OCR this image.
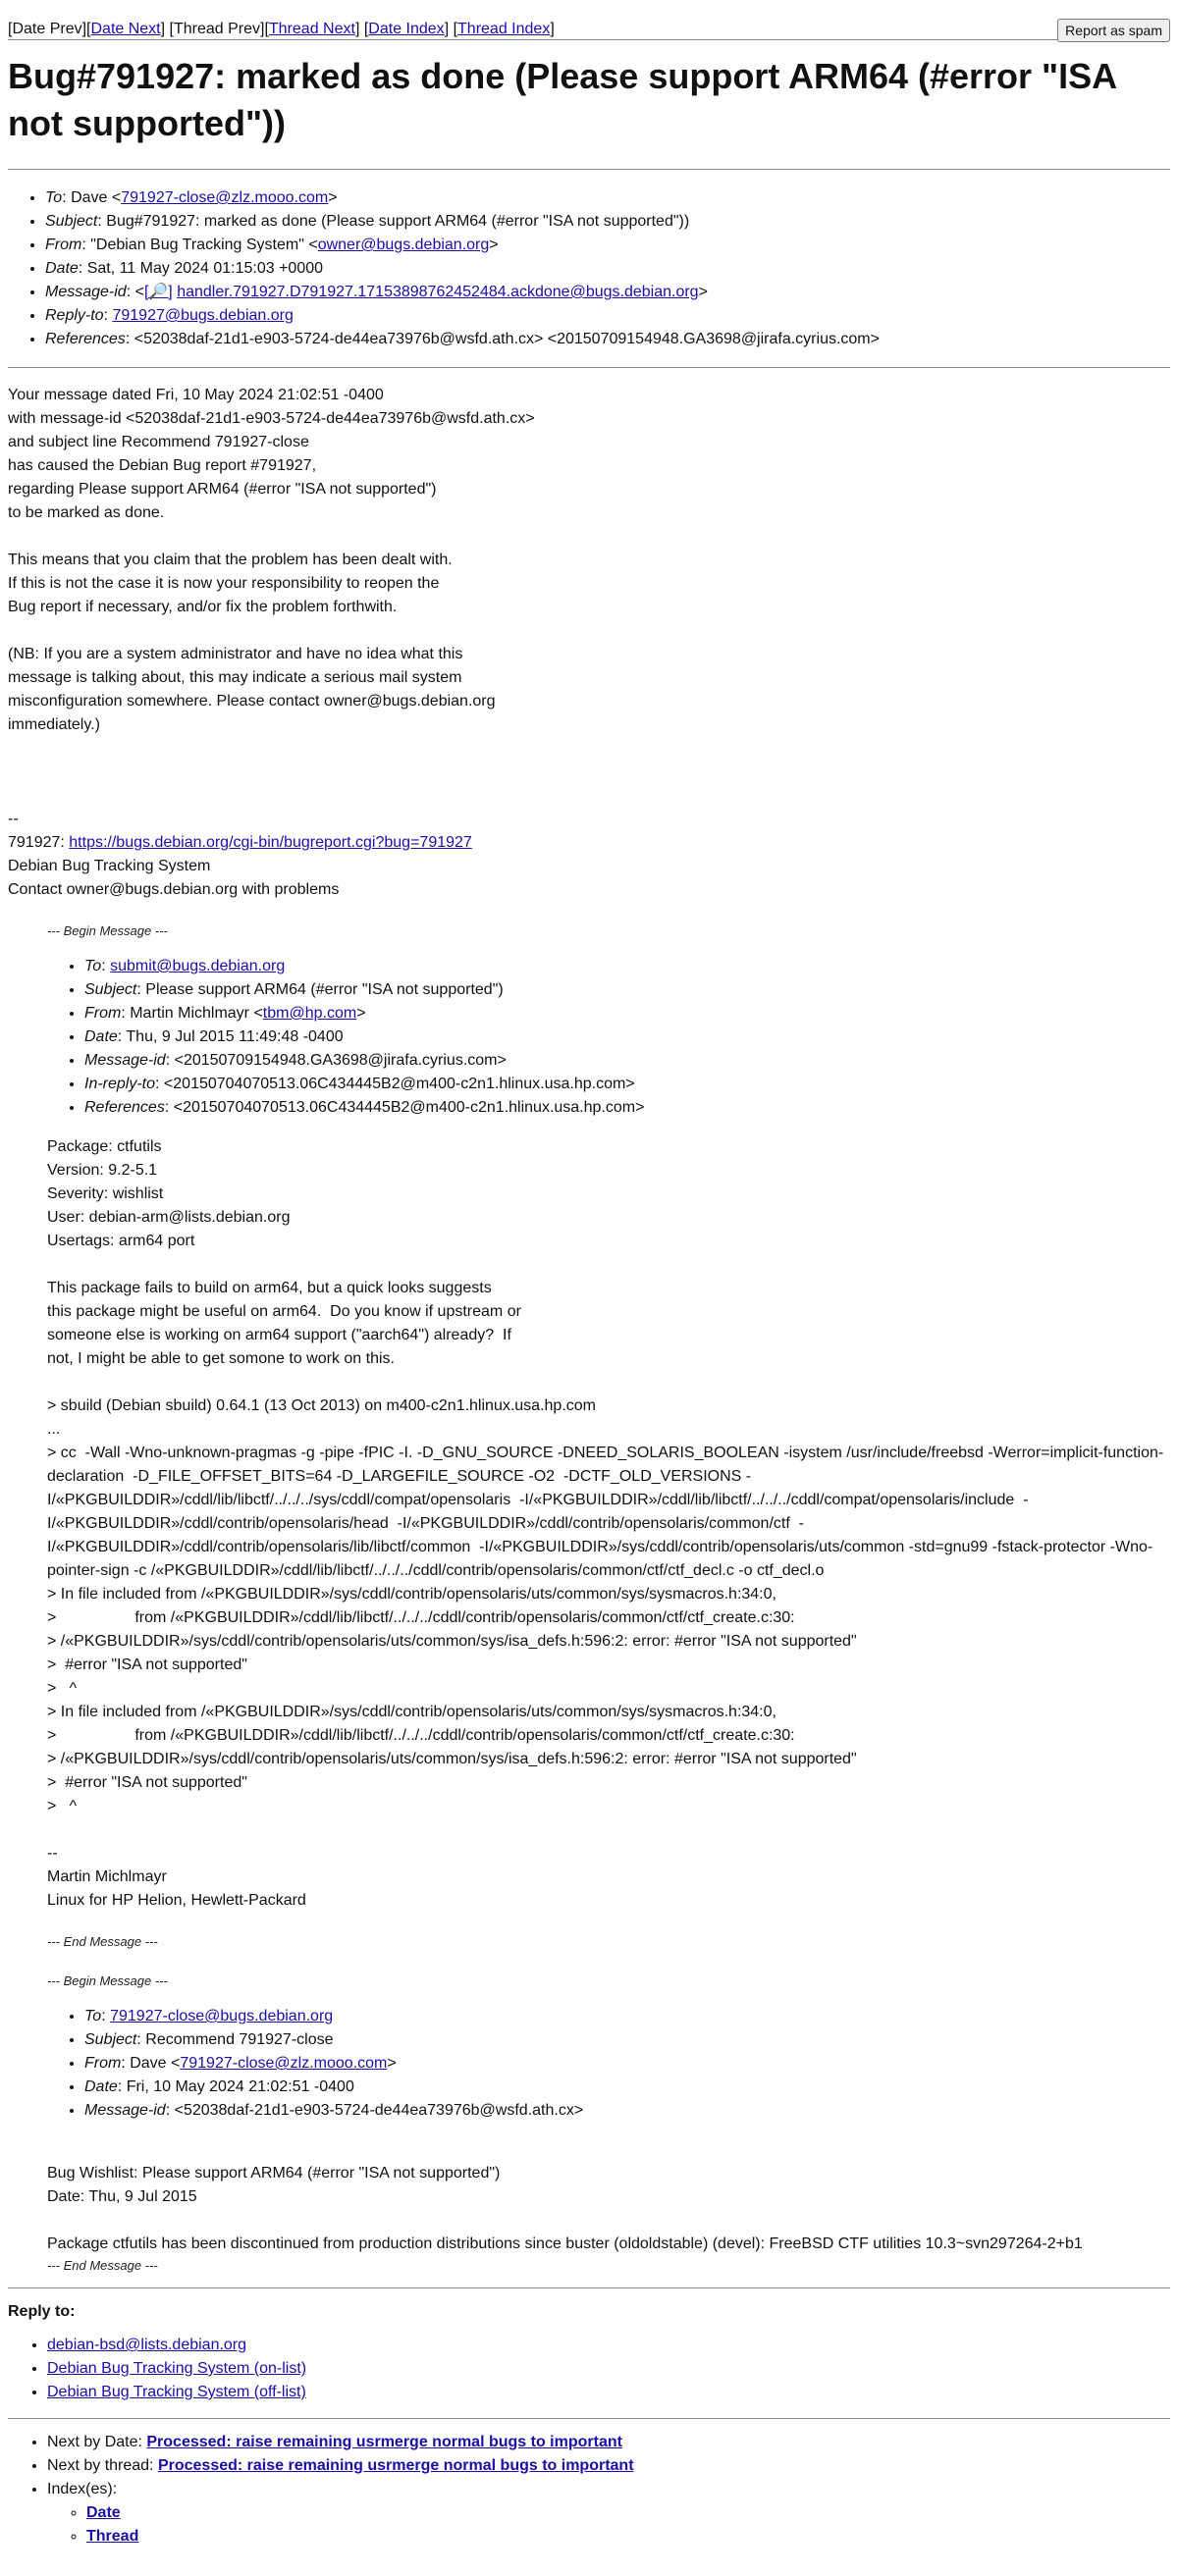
[Date Prev][Date Next] [Thread Prev][Thread Next] [Date Index] [Thread Index]	Report as spam
Bug#791927: marked as done (Please support ARM64 (#error "ISA not supported"))
• To: Dave <791927-close@zlz.mooo.com>
• Subject: Bug#791927: marked as done (Please support ARM64 (#error "ISA not supported"))
• From: "Debian Bug Tracking System" <owner@bugs.debian.org>
• Date: Sat, 11 May 2024 01:15:03 +0000
• Message-id: <[🔎] handler.791927.D791927.17153898762452484.ackdone@bugs.debian.org>
• Reply-to: 791927@bugs.debian.org
• References: <52038daf-21d1-e903-5724-de44ea73976b@wsfd.ath.cx> <20150709154948.GA3698@jirafa.cyrius.com>
Your message dated Fri, 10 May 2024 21:02:51 -0400
with message-id <52038daf-21d1-e903-5724-de44ea73976b@wsfd.ath.cx>
and subject line Recommend 791927-close
has caused the Debian Bug report #791927,
regarding Please support ARM64 (#error "ISA not supported")
to be marked as done.
This means that you claim that the problem has been dealt with.
If this is not the case it is now your responsibility to reopen the
Bug report if necessary, and/or fix the problem forthwith.
(NB: If you are a system administrator and have no idea what this
message is talking about, this may indicate a serious mail system
misconfiguration somewhere. Please contact owner@bugs.debian.org
immediately.)
--
791927: https://bugs.debian.org/cgi-bin/bugreport.cgi?bug=791927
Debian Bug Tracking System
Contact owner@bugs.debian.org with problems
--- Begin Message ---
• To: submit@bugs.debian.org
• Subject: Please support ARM64 (#error "ISA not supported")
• From: Martin Michlmayr <tbm@hp.com>
• Date: Thu, 9 Jul 2015 11:49:48 -0400
• Message-id: <20150709154948.GA3698@jirafa.cyrius.com>
• In-reply-to: <20150704070513.06C434445B2@m400-c2n1.hlinux.usa.hp.com>
• References: <20150704070513.06C434445B2@m400-c2n1.hlinux.usa.hp.com>
Package: ctfutils
Version: 9.2-5.1
Severity: wishlist
User: debian-arm@lists.debian.org
Usertags: arm64 port

This package fails to build on arm64, but a quick looks suggests
this package might be useful on arm64.  Do you know if upstream or
someone else is working on arm64 support ("aarch64") already?  If
not, I might be able to get somone to work on this.

> sbuild (Debian sbuild) 0.64.1 (13 Oct 2013) on m400-c2n1.hlinux.usa.hp.com
...
> cc  -Wall -Wno-unknown-pragmas -g -pipe -fPIC -I. -D_GNU_SOURCE -DNEED_SOLARIS_BOOLEAN -isystem /usr/include/freebsd -Werror=implicit-function-declaration  -D_FILE_OFFSET_BITS=64 -D_LARGEFILE_SOURCE -O2  -DCTF_OLD_VERSIONS -I/«PKGBUILDDIR»/cddl/lib/libctf/../../../sys/cddl/compat/opensolaris  -I/«PKGBUILDDIR»/cddl/lib/libctf/../../../cddl/compat/opensolaris/include  -I/«PKGBUILDDIR»/cddl/contrib/opensolaris/head  -I/«PKGBUILDDIR»/cddl/contrib/opensolaris/common/ctf  -I/«PKGBUILDDIR»/cddl/contrib/opensolaris/lib/libctf/common  -I/«PKGBUILDDIR»/sys/cddl/contrib/opensolaris/uts/common -std=gnu99 -fstack-protector -Wno-pointer-sign -c /«PKGBUILDDIR»/cddl/lib/libctf/../../../cddl/contrib/opensolaris/common/ctf/ctf_decl.c -o ctf_decl.o
> In file included from /«PKGBUILDDIR»/sys/cddl/contrib/opensolaris/uts/common/sys/sysmacros.h:34:0,
>                  from /«PKGBUILDDIR»/cddl/lib/libctf/../../../cddl/contrib/opensolaris/common/ctf/ctf_create.c:30:
> /«PKGBUILDDIR»/sys/cddl/contrib/opensolaris/uts/common/sys/isa_defs.h:596:2: error: #error "ISA not supported"
>  #error "ISA not supported"
>   ^
> In file included from /«PKGBUILDDIR»/sys/cddl/contrib/opensolaris/uts/common/sys/sysmacros.h:34:0,
>                  from /«PKGBUILDDIR»/cddl/lib/libctf/../../../cddl/contrib/opensolaris/common/ctf/ctf_create.c:30:
> /«PKGBUILDDIR»/sys/cddl/contrib/opensolaris/uts/common/sys/isa_defs.h:596:2: error: #error "ISA not supported"
>  #error "ISA not supported"
>   ^

--
Martin Michlmayr
Linux for HP Helion, Hewlett-Packard

--- End Message ---
--- Begin Message ---
• To: 791927-close@bugs.debian.org
• Subject: Recommend 791927-close
• From: Dave <791927-close@zlz.mooo.com>
• Date: Fri, 10 May 2024 21:02:51 -0400
• Message-id: <52038daf-21d1-e903-5724-de44ea73976b@wsfd.ath.cx>

Bug Wishlist: Please support ARM64 (#error "ISA not supported")
Date: Thu, 9 Jul 2015

Package ctfutils has been discontinued from production distributions since buster (oldoldstable) (devel): FreeBSD CTF utilities 10.3~svn297264-2+b1
--- End Message ---
Reply to:
• debian-bsd@lists.debian.org
• Debian Bug Tracking System (on-list)
• Debian Bug Tracking System (off-list)
• Next by Date: Processed: raise remaining usrmerge normal bugs to important
• Next by thread: Processed: raise remaining usrmerge normal bugs to important
• Index(es):
◦ Date
◦ Thread
